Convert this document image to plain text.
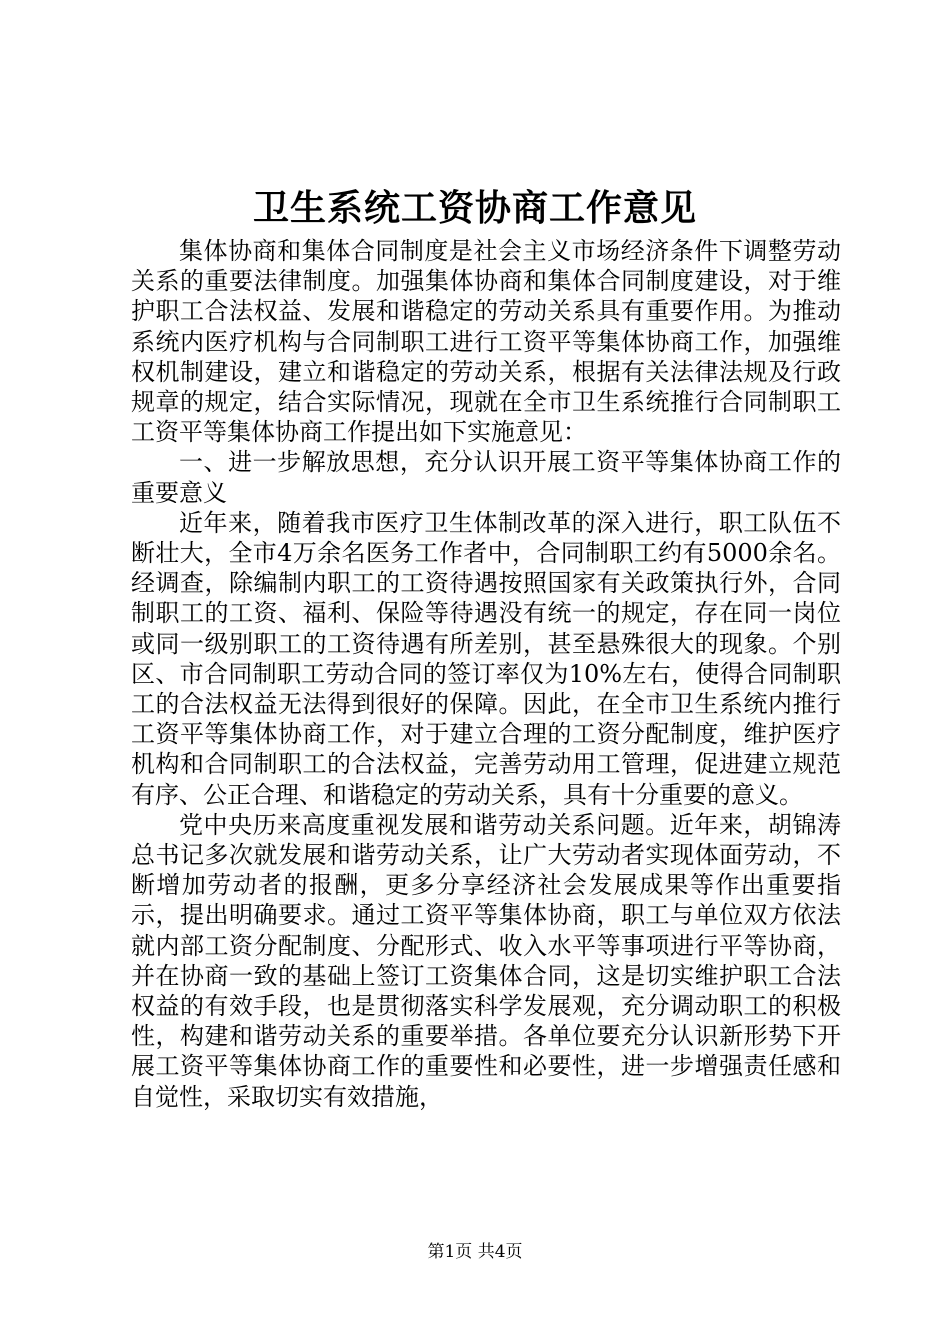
卫生系统工资协商工作意见

集体协商和集体合同制度是社会主义市场经济条件下调整劳动关系的重要法律制度。加强集体协商和集体合同制度建设，对于维护职工合法权益、发展和谐稳定的劳动关系具有重要作用。为推动系统内医疗机构与合同制职工进行工资平等集体协商工作，加强维权机制建设，建立和谐稳定的劳动关系，根据有关法律法规及行政规章的规定，结合实际情况，现就在全市卫生系统推行合同制职工工资平等集体协商工作提出如下实施意见：

一、进一步解放思想，充分认识开展工资平等集体协商工作的重要意义

近年来，随着我市医疗卫生体制改革的深入进行，职工队伍不断壮大，全市4万余名医务工作者中，合同制职工约有5000余名。经调查，除编制内职工的工资待遇按照国家有关政策执行外，合同制职工的工资、福利、保险等待遇没有统一的规定，存在同一岗位或同一级别职工的工资待遇有所差别，甚至悬殊很大的现象。个别区、市合同制职工劳动合同的签订率仅为10%左右，使得合同制职工的合法权益无法得到很好的保障。因此，在全市卫生系统内推行工资平等集体协商工作，对于建立合理的工资分配制度，维护医疗机构和合同制职工的合法权益，完善劳动用工管理，促进建立规范有序、公正合理、和谐稳定的劳动关系，具有十分重要的意义。

党中央历来高度重视发展和谐劳动关系问题。近年来，胡锦涛总书记多次就发展和谐劳动关系，让广大劳动者实现体面劳动，不断增加劳动者的报酬，更多分享经济社会发展成果等作出重要指示，提出明确要求。通过工资平等集体协商，职工与单位双方依法就内部工资分配制度、分配形式、收入水平等事项进行平等协商，并在协商一致的基础上签订工资集体合同，这是切实维护职工合法权益的有效手段，也是贯彻落实科学发展观，充分调动职工的积极性，构建和谐劳动关系的重要举措。各单位要充分认识新形势下开展工资平等集体协商工作的重要性和必要性，进一步增强责任感和自觉性，采取切实有效措施，

第1页 共4页
